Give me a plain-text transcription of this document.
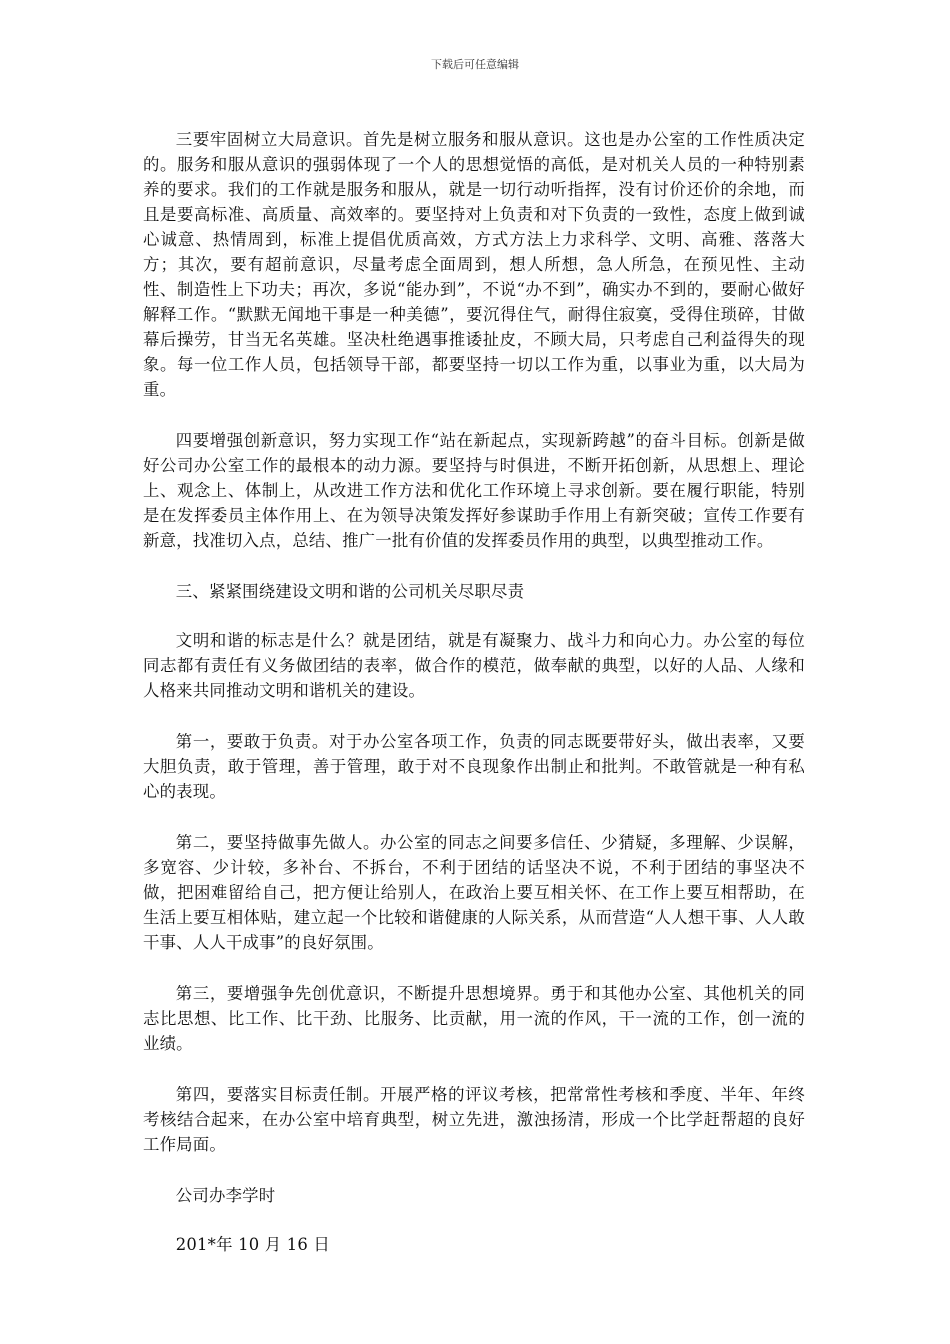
下载后可任意编辑

三要牢固树立大局意识。首先是树立服务和服从意识。这也是办公室的工作性质决定的。服务和服从意识的强弱体现了一个人的思想觉悟的高低，是对机关人员的一种特别素养的要求。我们的工作就是服务和服从，就是一切行动听指挥，没有讨价还价的余地，而且是要高标准、高质量、高效率的。要坚持对上负责和对下负责的一致性，态度上做到诚心诚意、热情周到，标准上提倡优质高效，方式方法上力求科学、文明、高雅、落落大方；其次，要有超前意识，尽量考虑全面周到，想人所想，急人所急，在预见性、主动性、制造性上下功夫；再次，多说“能办到”，不说“办不到”，确实办不到的，要耐心做好解释工作。“默默无闻地干事是一种美德”，要沉得住气，耐得住寂寞，受得住琐碎，甘做幕后操劳，甘当无名英雄。坚决杜绝遇事推诿扯皮，不顾大局，只考虑自己利益得失的现象。每一位工作人员，包括领导干部，都要坚持一切以工作为重，以事业为重，以大局为重。

四要增强创新意识，努力实现工作“站在新起点，实现新跨越”的奋斗目标。创新是做好公司办公室工作的最根本的动力源。要坚持与时俱进，不断开拓创新，从思想上、理论上、观念上、体制上，从改进工作方法和优化工作环境上寻求创新。要在履行职能，特别是在发挥委员主体作用上、在为领导决策发挥好参谋助手作用上有新突破；宣传工作要有新意，找准切入点，总结、推广一批有价值的发挥委员作用的典型，以典型推动工作。

三、紧紧围绕建设文明和谐的公司机关尽职尽责

文明和谐的标志是什么？就是团结，就是有凝聚力、战斗力和向心力。办公室的每位同志都有责任有义务做团结的表率，做合作的模范，做奉献的典型，以好的人品、人缘和人格来共同推动文明和谐机关的建设。

第一，要敢于负责。对于办公室各项工作，负责的同志既要带好头，做出表率，又要大胆负责，敢于管理，善于管理，敢于对不良现象作出制止和批判。不敢管就是一种有私心的表现。

第二，要坚持做事先做人。办公室的同志之间要多信任、少猜疑，多理解、少误解，多宽容、少计较，多补台、不拆台，不利于团结的话坚决不说，不利于团结的事坚决不做，把困难留给自己，把方便让给别人，在政治上要互相关怀、在工作上要互相帮助，在生活上要互相体贴，建立起一个比较和谐健康的人际关系，从而营造“人人想干事、人人敢干事、人人干成事”的良好氛围。

第三，要增强争先创优意识，不断提升思想境界。勇于和其他办公室、其他机关的同志比思想、比工作、比干劲、比服务、比贡献，用一流的作风，干一流的工作，创一流的业绩。

第四，要落实目标责任制。开展严格的评议考核，把常常性考核和季度、半年、年终考核结合起来，在办公室中培育典型，树立先进，激浊扬清，形成一个比学赶帮超的良好工作局面。

公司办李学时

201*年 10 月 16 日
